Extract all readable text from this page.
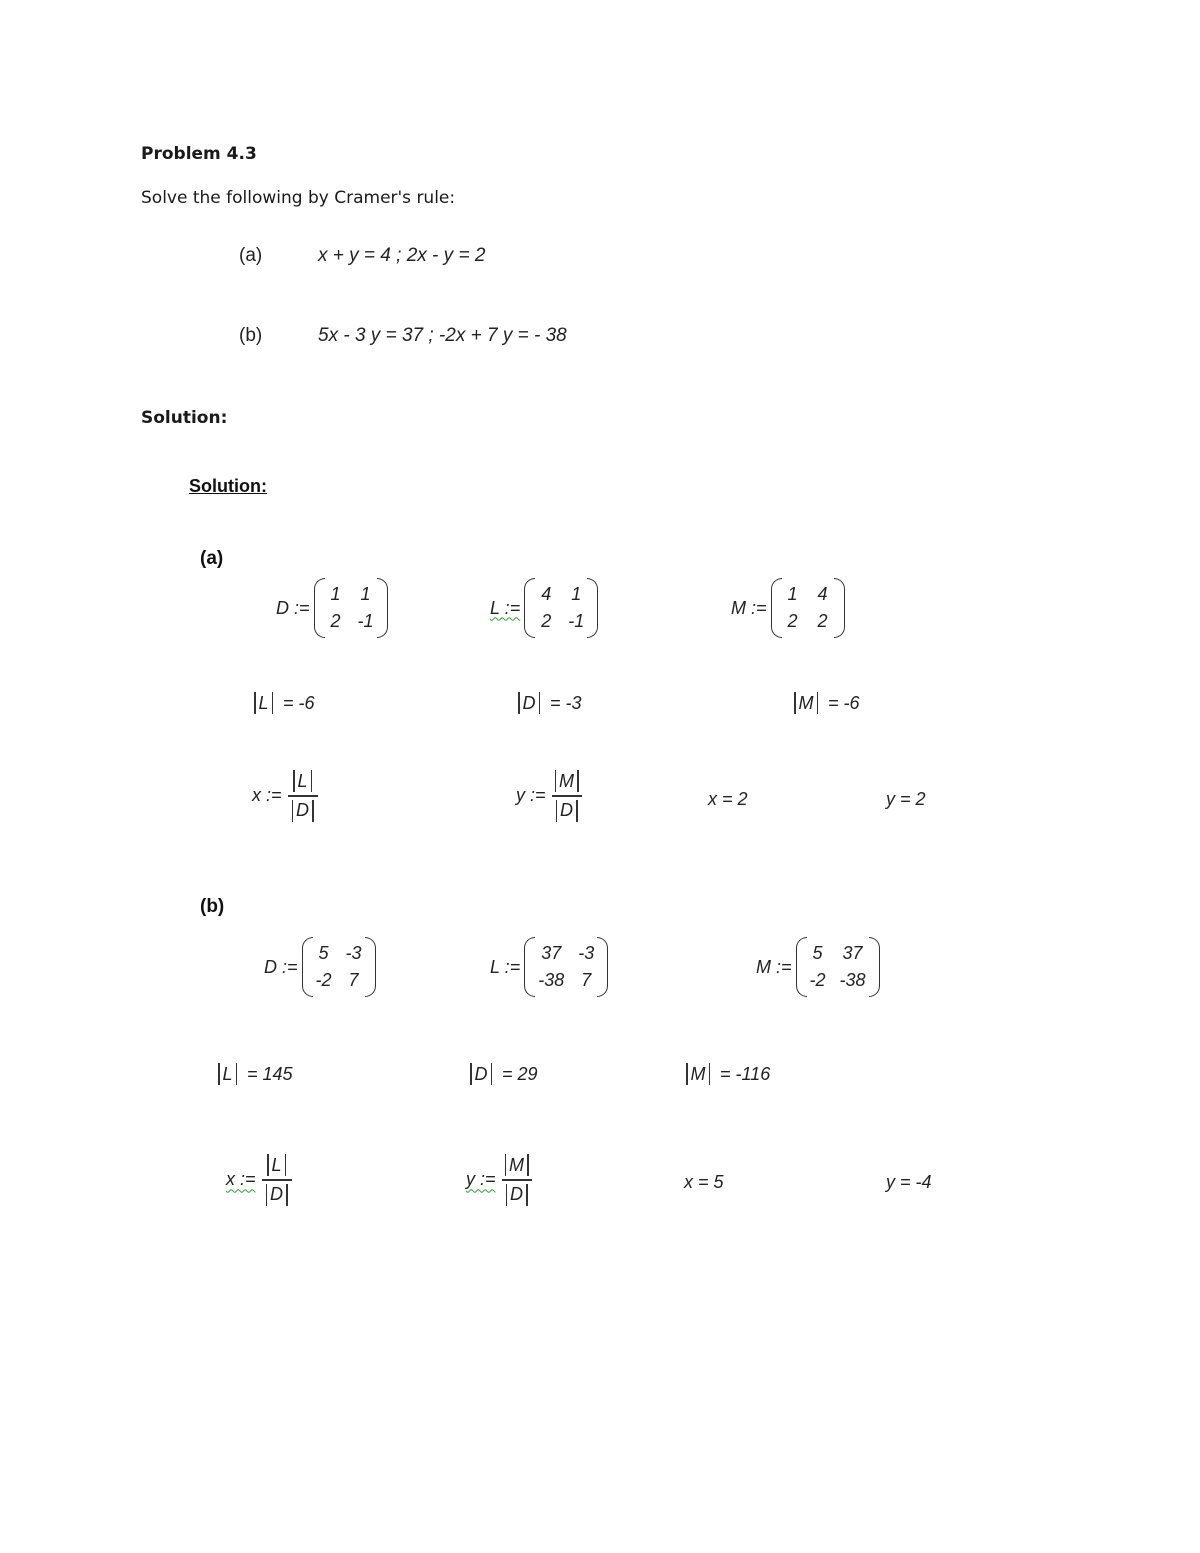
Problem 4.3
Solve the following by Cramer's rule:
(a)	x + y = 4 ; 2x - y = 2
(b)	5x - 3 y = 37 ; -2x + 7 y = - 38
Solution:
Solution:
(a)
D :=
1 1
2 -1
L :=
4 1
2 -1
M :=
1 4
2 2
L = -6	D = -3	M = -6
x :=
L
D
y :=
M
D
x = 2	y = 2
(b)
D :=
5 -3
-2 7
L :=
37 -3
-38 7
M :=
5 37
-2 -38
L = 145	D = 29	M = -116
x :=
L
D
y :=
M
D
x = 5	y = -4
